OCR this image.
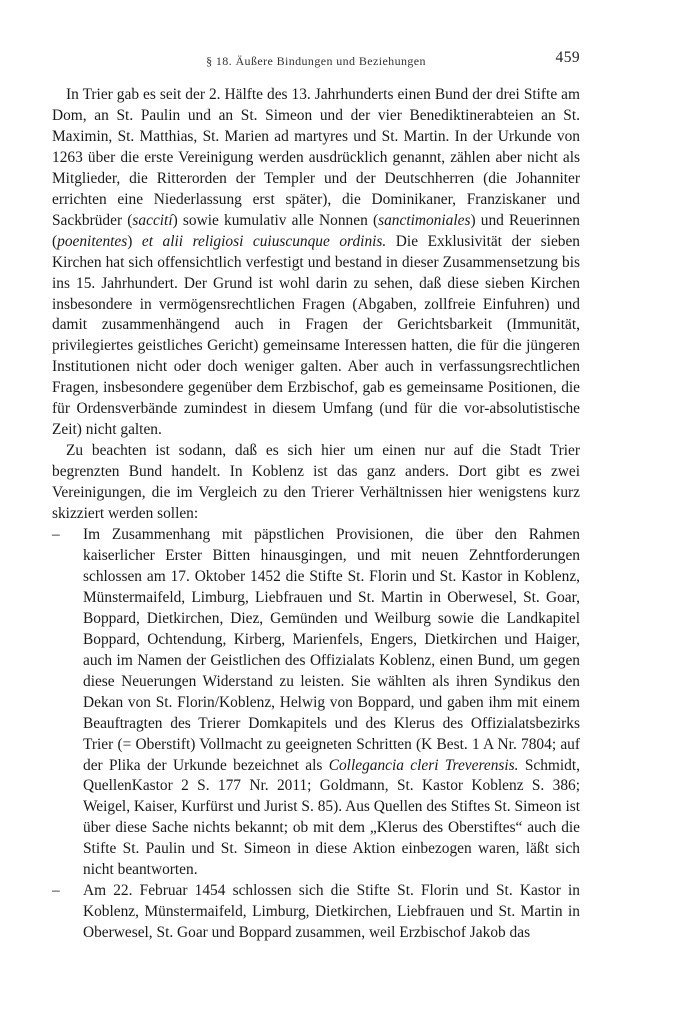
§ 18. Äußere Bindungen und Beziehungen	459

In Trier gab es seit der 2. Hälfte des 13. Jahrhunderts einen Bund der drei Stifte am Dom, an St. Paulin und an St. Simeon und der vier Benediktinerabteien an St. Maximin, St. Matthias, St. Marien ad martyres und St. Martin. In der Urkunde von 1263 über die erste Vereinigung werden ausdrücklich genannt, zählen aber nicht als Mitglieder, die Ritterorden der Templer und der Deutschherren (die Johanniter errichten eine Niederlassung erst später), die Dominikaner, Franziskaner und Sackbrüder (saccití) sowie kumulativ alle Nonnen (sanctimoniales) und Reuerinnen (poenitentes) et alii religiosi cuiuscunque ordinis. Die Exklusivität der sieben Kirchen hat sich offensichtlich verfestigt und bestand in dieser Zusammensetzung bis ins 15. Jahrhundert. Der Grund ist wohl darin zu sehen, daß diese sieben Kirchen insbesondere in vermögensrechtlichen Fragen (Abgaben, zollfreie Einfuhren) und damit zusammenhängend auch in Fragen der Gerichtsbarkeit (Immunität, privilegiertes geistliches Gericht) gemeinsame Interessen hatten, die für die jüngeren Institutionen nicht oder doch weniger galten. Aber auch in verfassungsrechtlichen Fragen, insbesondere gegenüber dem Erzbischof, gab es gemeinsame Positionen, die für Ordensverbände zumindest in diesem Umfang (und für die vor-absolutistische Zeit) nicht galten.

Zu beachten ist sodann, daß es sich hier um einen nur auf die Stadt Trier begrenzten Bund handelt. In Koblenz ist das ganz anders. Dort gibt es zwei Vereinigungen, die im Vergleich zu den Trierer Verhältnissen hier wenigstens kurz skizziert werden sollen:

– Im Zusammenhang mit päpstlichen Provisionen, die über den Rahmen kaiserlicher Erster Bitten hinausgingen, und mit neuen Zehntforderungen schlossen am 17. Oktober 1452 die Stifte St. Florin und St. Kastor in Koblenz, Münstermaifeld, Limburg, Liebfrauen und St. Martin in Oberwesel, St. Goar, Boppard, Dietkirchen, Diez, Gemünden und Weilburg sowie die Landkapitel Boppard, Ochtendung, Kirberg, Marienfels, Engers, Dietkirchen und Haiger, auch im Namen der Geistlichen des Offizialats Koblenz, einen Bund, um gegen diese Neuerungen Widerstand zu leisten. Sie wählten als ihren Syndikus den Dekan von St. Florin/Koblenz, Helwig von Boppard, und gaben ihm mit einem Beauftragten des Trierer Domkapitels und des Klerus des Offizialatsbezirks Trier (= Oberstift) Vollmacht zu geeigneten Schritten (K Best. 1 A Nr. 7804; auf der Plika der Urkunde bezeichnet als Collegancia cleri Treverensis. Schmidt, QuellenKastor 2 S. 177 Nr. 2011; Goldmann, St. Kastor Koblenz S. 386; Weigel, Kaiser, Kurfürst und Jurist S. 85). Aus Quellen des Stiftes St. Simeon ist über diese Sache nichts bekannt; ob mit dem „Klerus des Oberstiftes“ auch die Stifte St. Paulin und St. Simeon in diese Aktion einbezogen waren, läßt sich nicht beantworten.
– Am 22. Februar 1454 schlossen sich die Stifte St. Florin und St. Kastor in Koblenz, Münstermaifeld, Limburg, Dietkirchen, Liebfrauen und St. Martin in Oberwesel, St. Goar und Boppard zusammen, weil Erzbischof Jakob das
